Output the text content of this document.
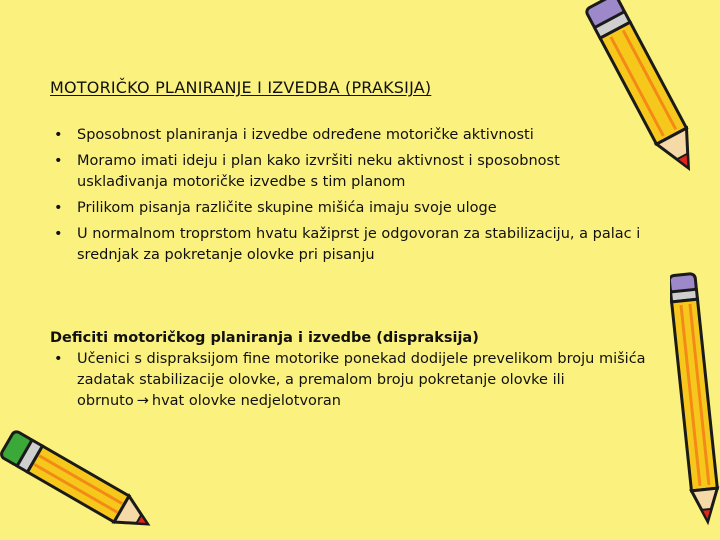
MOTORIČKO PLANIRANJE I IZVEDBA (PRAKSIJA)
• Sposobnost planiranja i izvedbe određene motoričke aktivnosti
• Moramo imati ideju i plan kako izvršiti neku aktivnost i sposobnost usklađivanja motoričke izvedbe s tim planom
• Prilikom pisanja različite skupine mišića imaju svoje uloge
• U normalnom troprstom hvatu kažiprst je odgovoran za stabilizaciju, a palac i srednjak za pokretanje olovke pri pisanju
Deficiti motoričkog planiranja i izvedbe (dispraksija)
• Učenici s dispraksijom fine motorike ponekad dodijele prevelikom broju mišića zadatak stabilizacije olovke, a premalom broju pokretanje olovke ili obrnuto → hvat olovke nedjelotvoran
